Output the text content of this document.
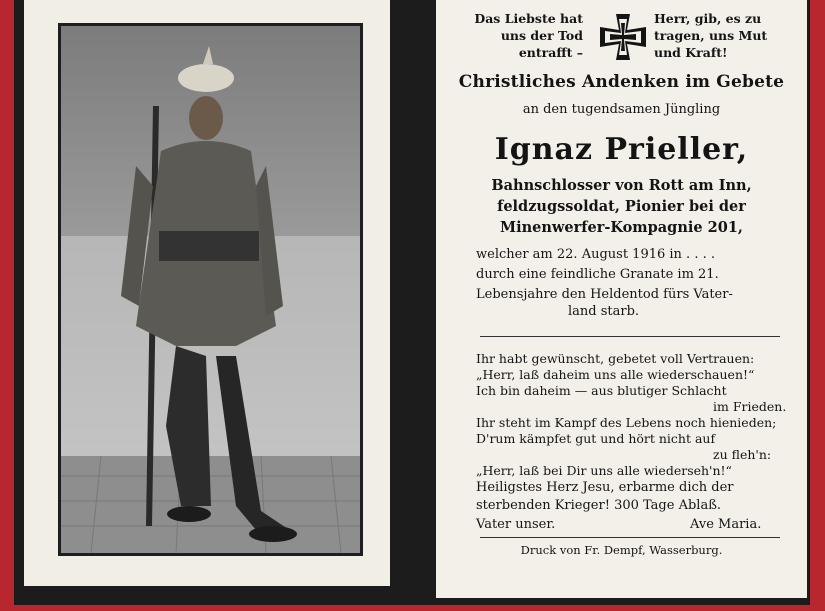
Das Liebste hat
uns der Tod
entrafft –
Herr, gib, es zu
tragen, uns Mut
und Kraft!
Christliches Andenken im Gebete
an den tugendsamen Jüngling
Ignaz Prieller,
Bahnschlosser von Rott am Inn,
feldzugssoldat, Pionier bei der
Minenwerfer-Kompagnie 201,
welcher am 22. August 1916 in . . . .
durch eine feindliche Granate im 21.
Lebensjahre den Heldentod fürs Vater-
land starb.
Ihr habt gewünscht, gebetet voll Vertrauen:
„Herr, laß daheim uns alle wiederschauen!“
Ich bin daheim — aus blutiger Schlacht
im Frieden.
Ihr steht im Kampf des Lebens noch hienieden;
D'rum kämpfet gut und hört nicht auf
zu fleh'n:
„Herr, laß bei Dir uns alle wiederseh'n!“
Heiligstes Herz Jesu, erbarme dich der
sterbenden Krieger! 300 Tage Ablaß.
Vater unser.	Ave Maria.
Druck von Fr. Dempf, Wasserburg.
